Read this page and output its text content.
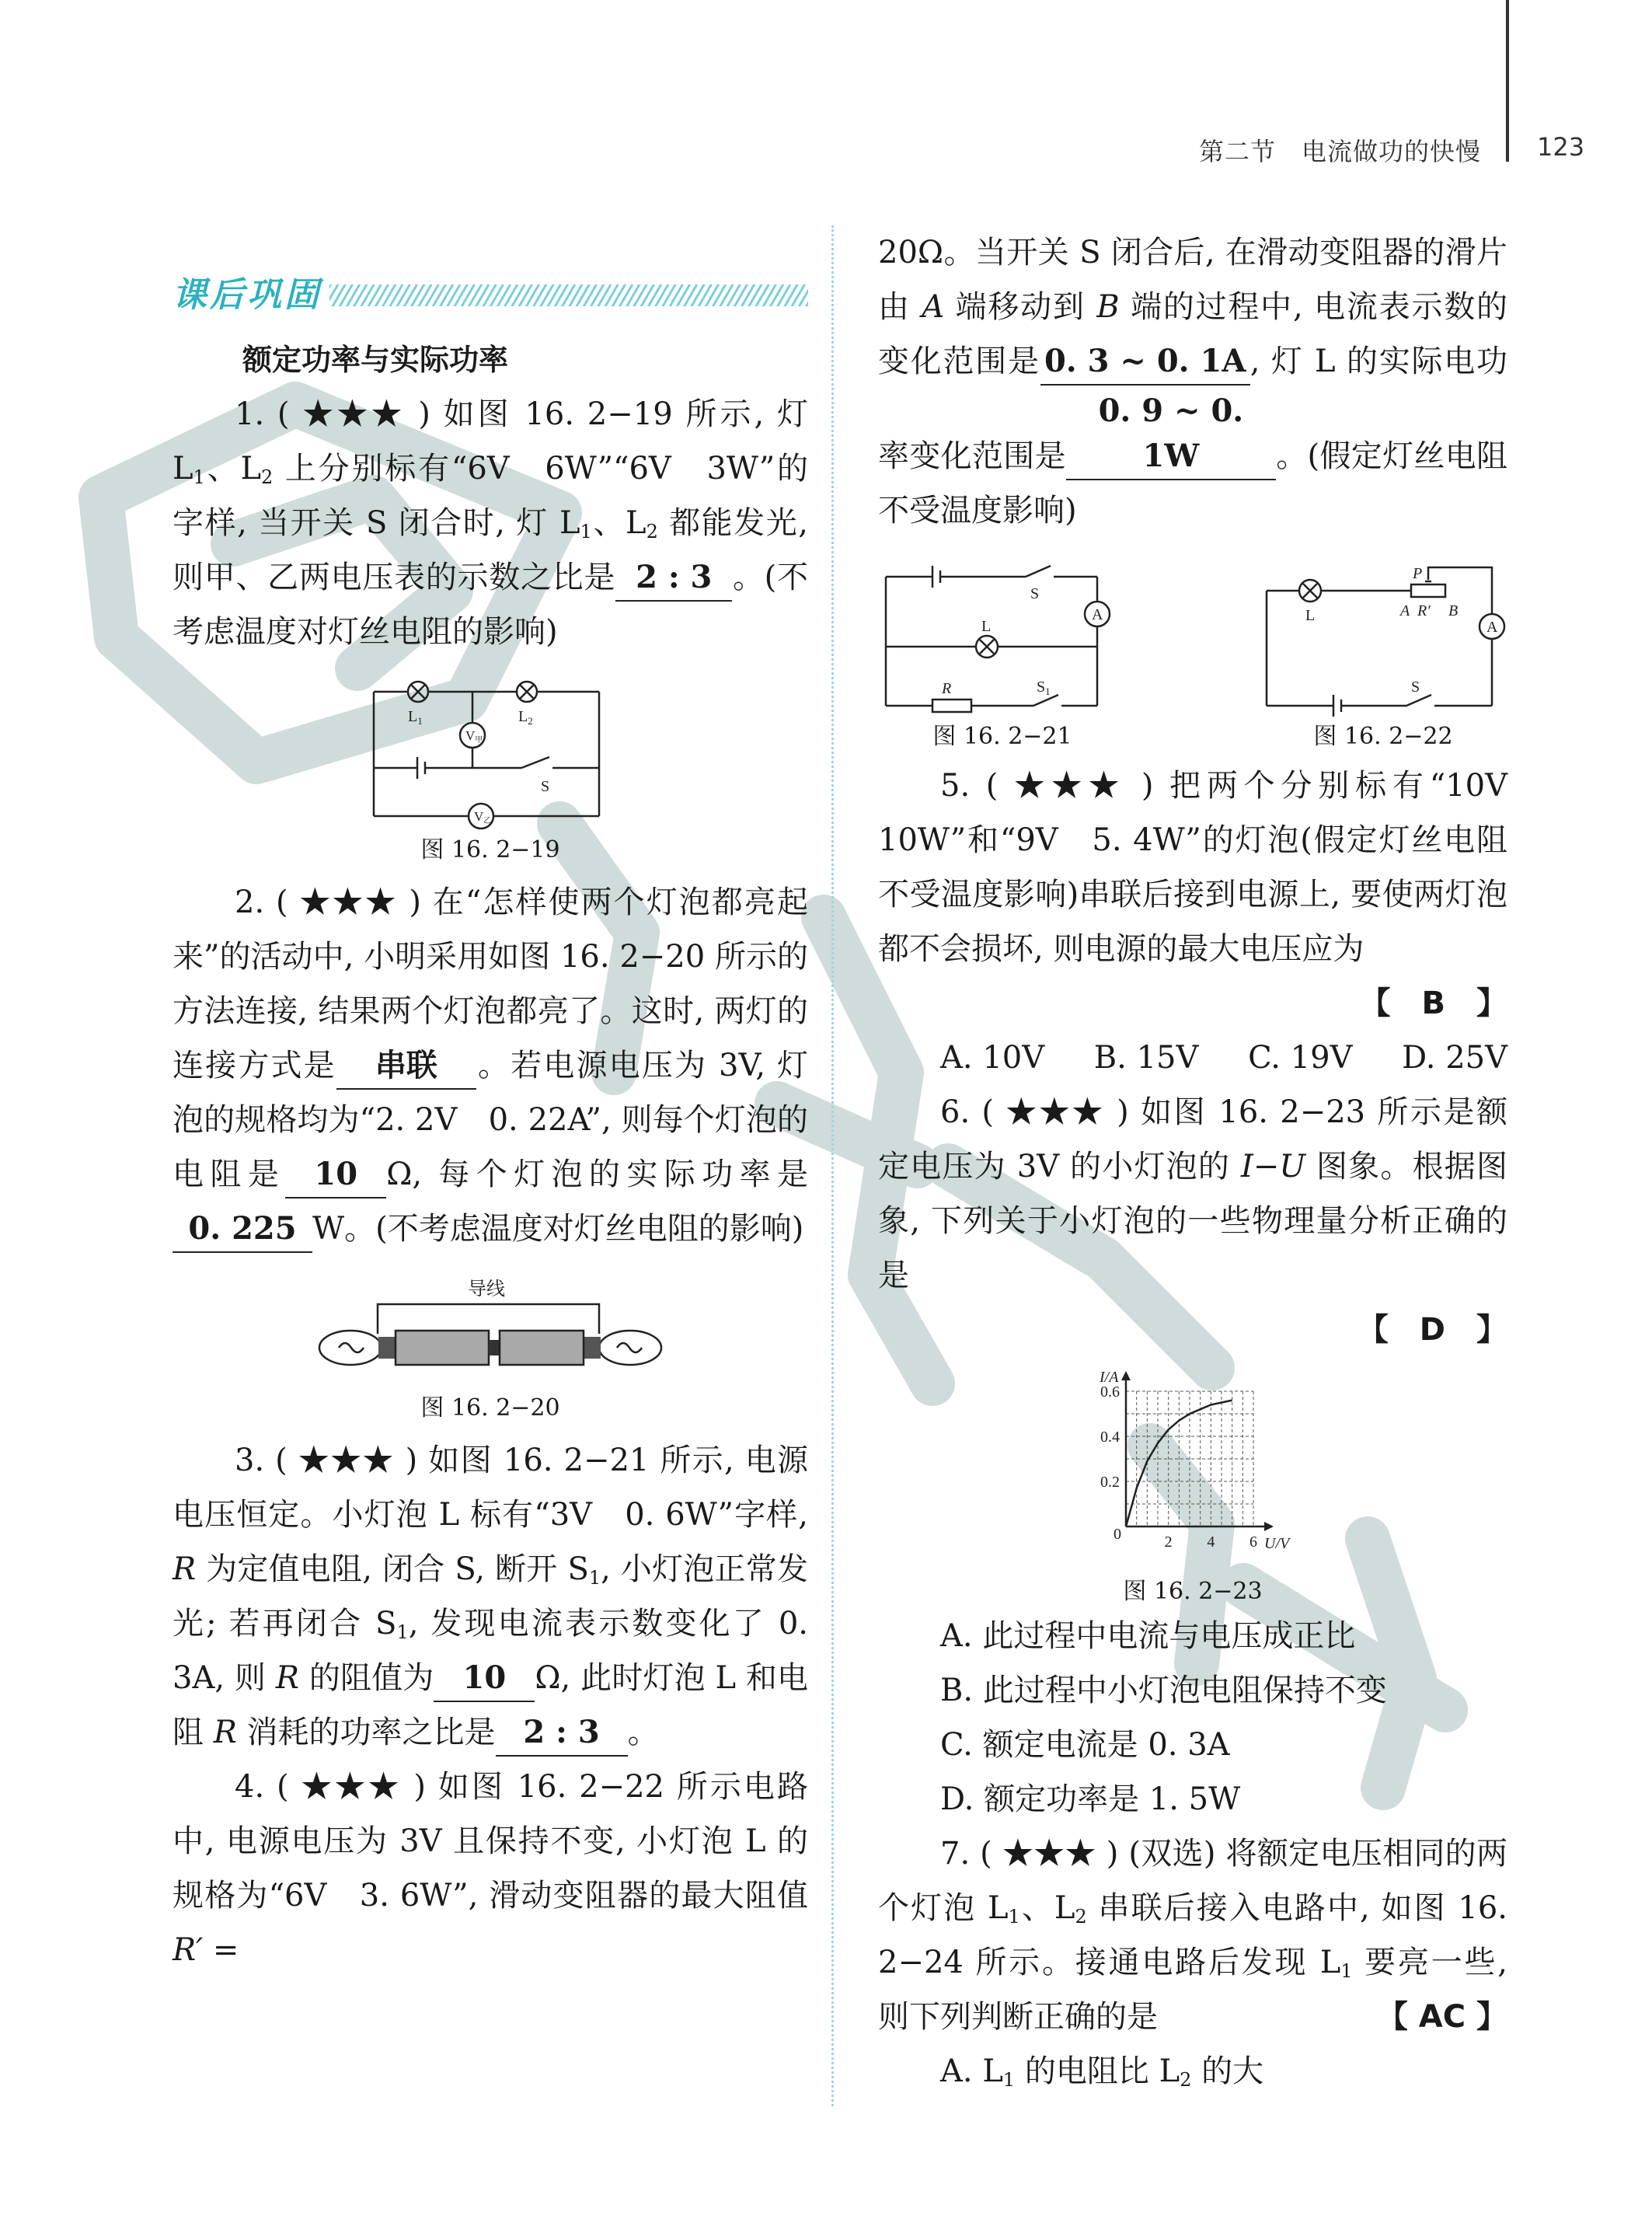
第二节　电流做功的快慢 123
课后巩固
额定功率与实际功率

1. ( ★★★ ) 如图 16. 2−19 所示, 灯 $L_1$、$L_2$ 上分别标有“6V　6W”“6V　3W”的字样, 当开关 S 闭合时, 灯 $L_1$、$L_2$ 都能发光, 则甲、乙两电压表的示数之比是 2 : 3 。(不考虑温度对灯丝电阻的影响)

$L_1$	$L_2$
V甲
S
V乙
图 16. 2−19

2. ( ★★★ ) 在“怎样使两个灯泡都亮起来”的活动中, 小明采用如图 16. 2−20 所示的方法连接, 结果两个灯泡都亮了。这时, 两灯的连接方式是 串联 。若电源电压为 3V, 灯泡的规格均为“2. 2V　0. 22A”, 则每个灯泡的电阻是 10 Ω, 每个灯泡的实际功率是0. 225 W。(不考虑温度对灯丝电阻的影响)

导线
图 16. 2−20

3. ( ★★★ ) 如图 16. 2−21 所示, 电源电压恒定。小灯泡 L 标有“3V　0. 6W”字样, R 为定值电阻, 闭合 S, 断开 $S_1$, 小灯泡正常发光; 若再闭合 $S_1$, 发现电流表示数变化了 0. 3A, 则 R 的阻值为 10 Ω, 此时灯泡 L 和电阻 R 消耗的功率之比是 2 : 3 。

4. ( ★★★ ) 如图 16. 2−22 所示电路中, 电源电压为 3V 且保持不变, 小灯泡 L 的规格为“6V　3. 6W”, 滑动变阻器的最大阻值 R′ =

20Ω。当开关 S 闭合后, 在滑动变阻器的滑片由 A 端移动到 B 端的过程中, 电流表示数的变化范围是 0. 3 ~ 0. 1A , 灯 L 的实际电功率变化范围是0. 9 ~ 0. 1W 。(假定灯丝电阻不受温度影响)

S
A
L
R	$S_1$
图 16. 2−21
P
L	A R′ B
A
S
图 16. 2−22

5. ( ★★★ ) 把两个分别标有“10V　10W”和“9V　5. 4W”的灯泡(假定灯丝电阻不受温度影响)串联后接到电源上, 要使两灯泡都不会损坏, 则电源的最大电压应为

【　B　】
A. 10V B. 15V C. 19V D. 25V

6. ( ★★★ ) 如图 16. 2−23 所示是额定电压为 3V 的小灯泡的 I−U 图象。根据图象, 下列关于小灯泡的一些物理量分析正确的是

【　D　】
I/A
U/V
0	2 4 6
0.2
0.4
0.6
图 16. 2−23
A. 此过程中电流与电压成正比
B. 此过程中小灯泡电阻保持不变
C. 额定电流是 0. 3A
D. 额定功率是 1. 5W

7. ( ★★★ ) (双选) 将额定电压相同的两个灯泡 $L_1$、$L_2$ 串联后接入电路中, 如图 16. 2−24 所示。接通电路后发现 $L_1$ 要亮一些, 则下列判断正确的是	【 AC 】

A. $L_1$ 的电阻比 $L_2$ 的大
